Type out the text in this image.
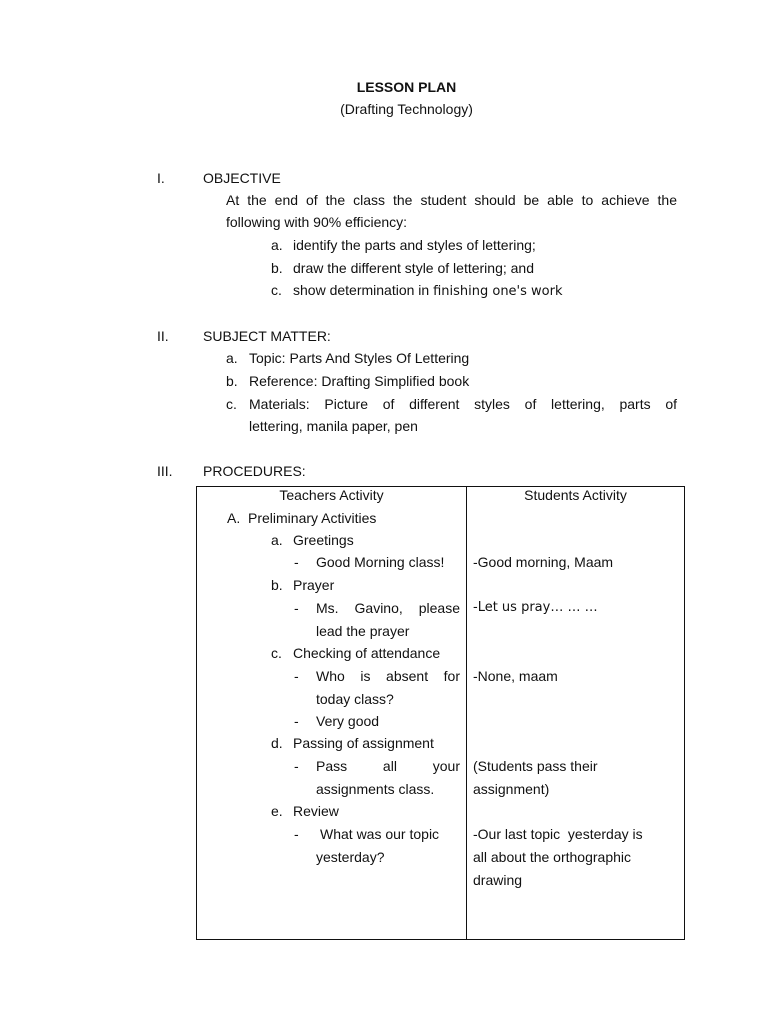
LESSON PLAN
(Drafting Technology)
I.	OBJECTIVE
At the end of the class the student should be able to achieve the
following with 90% efficiency:
a. identify the parts and styles of lettering;
b. draw the different style of lettering; and
c. show determination in finishing one's work
II. SUBJECT MATTER:
a. Topic: Parts And Styles Of Lettering
b. Reference: Drafting Simplified book
c. Materials: Picture of different styles of lettering, parts of
lettering, manila paper, pen
III. PROCEDURES:
Teachers Activity	Students Activity
A. Preliminary Activities
a. Greetings
- Good Morning class! -Good morning, Maam
b. Prayer
- Ms. Gavino, please
lead the prayer
-Let us pray… … …
c. Checking of attendance
- Who is absent for
today class?
-None, maam
- Very good
d. Passing of assignment
- Pass all your
assignments class.
(Students pass their
assignment)
e. Review
- What was our topic
yesterday?
-Our last topic  yesterday is
all about the orthographic
drawing
